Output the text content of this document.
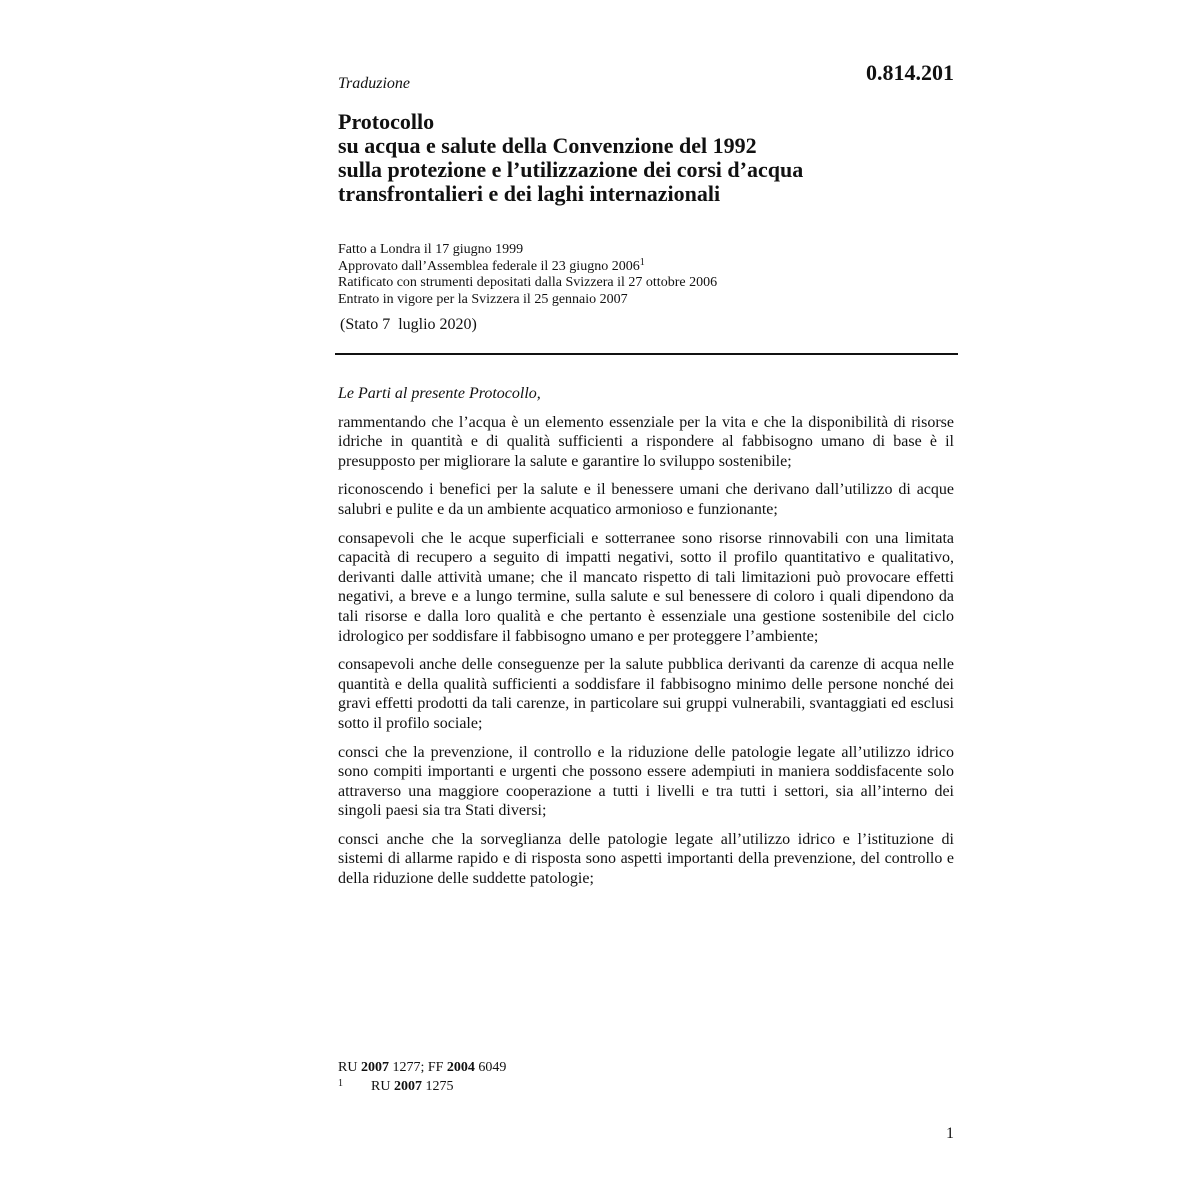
0.814.201
Traduzione
Protocollo
su acqua e salute della Convenzione del 1992
sulla protezione e l’utilizzazione dei corsi d’acqua
transfrontalieri e dei laghi internazionali
Fatto a Londra il 17 giugno 1999
Approvato dall’Assemblea federale il 23 giugno 2006$^1$
Ratificato con strumenti depositati dalla Svizzera il 27 ottobre 2006
Entrato in vigore per la Svizzera il 25 gennaio 2007
(Stato 7  luglio 2020)

Le Parti al presente Protocollo,

rammentando che l’acqua è un elemento essenziale per la vita e che la disponibilità di risorse idriche in quantità e di qualità sufficienti a rispondere al fabbisogno umano di base è il presupposto per migliorare la salute e garantire lo sviluppo sostenibile;

riconoscendo i benefici per la salute e il benessere umani che derivano dall’utilizzo di acque salubri e pulite e da un ambiente acquatico armonioso e funzionante;

consapevoli che le acque superficiali e sotterranee sono risorse rinnovabili con una limitata capacità di recupero a seguito di impatti negativi, sotto il profilo quantitativo e qualitativo, derivanti dalle attività umane; che il mancato rispetto di tali limitazioni può provocare effetti negativi, a breve e a lungo termine, sulla salute e sul benessere di coloro i quali dipendono da tali risorse e dalla loro qualità e che pertanto è essenziale una gestione sostenibile del ciclo idrologico per soddisfare il fabbisogno umano e per proteggere l’ambiente;

consapevoli anche delle conseguenze per la salute pubblica derivanti da carenze di acqua nelle quantità e della qualità sufficienti a soddisfare il fabbisogno minimo delle persone nonché dei gravi effetti prodotti da tali carenze, in particolare sui gruppi vulnerabili, svantaggiati ed esclusi sotto il profilo sociale;

consci che la prevenzione, il controllo e la riduzione delle patologie legate all’utilizzo idrico sono compiti importanti e urgenti che possono essere adempiuti in maniera soddisfacente solo attraverso una maggiore cooperazione a tutti i livelli e tra tutti i settori, sia all’interno dei singoli paesi sia tra Stati diversi;

consci anche che la sorveglianza delle patologie legate all’utilizzo idrico e l’istituzione di sistemi di allarme rapido e di risposta sono aspetti importanti della prevenzione, del controllo e della riduzione delle suddette patologie;

RU 2007 1277; FF 2004 6049
1 RU 2007 1275
1
